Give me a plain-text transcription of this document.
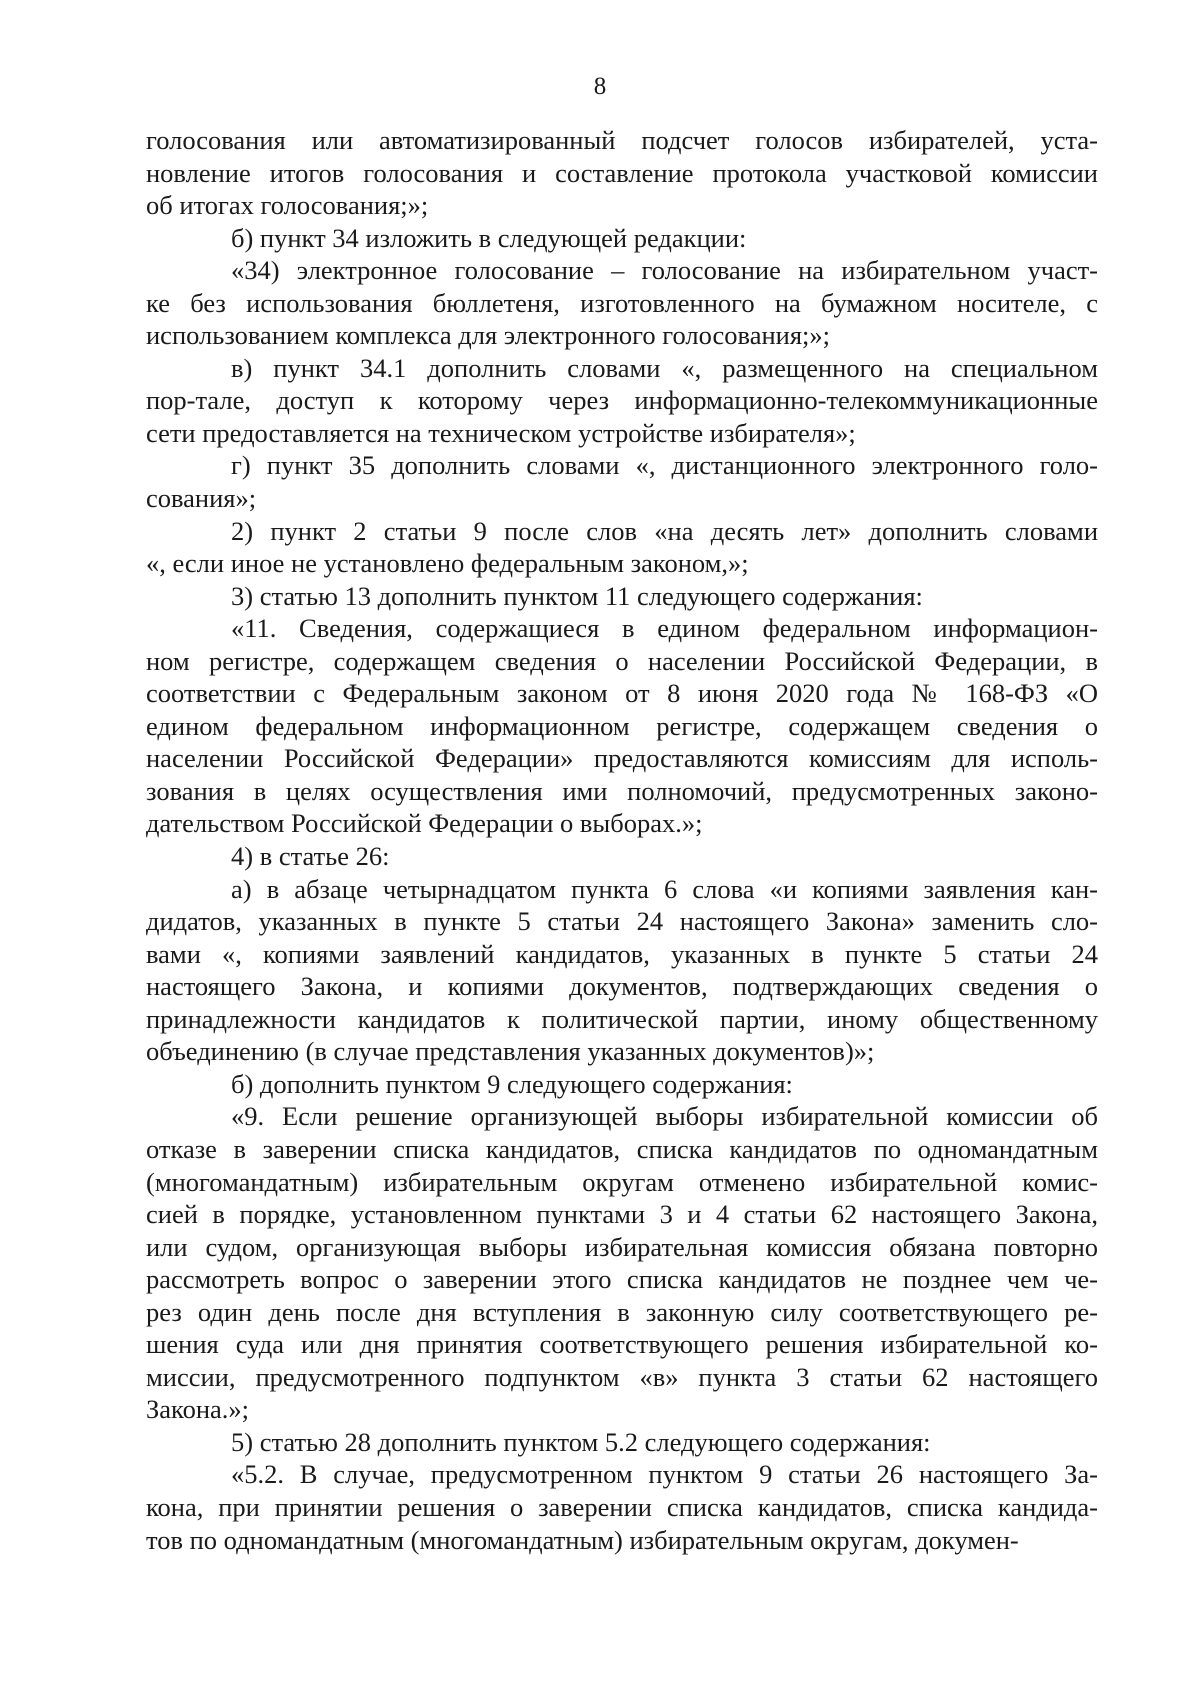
8
голосования или автоматизированный подсчет голосов избирателей, уста-
новление итогов голосования и составление протокола участковой комиссии
об итогах голосования;»;
б) пункт 34 изложить в следующей редакции:
«34) электронное голосование – голосование на избирательном участ-
ке без использования бюллетеня, изготовленного на бумажном носителе, с
использованием комплекса для электронного голосования;»;
в) пункт 34.1 дополнить словами «, размещенного на специальном
пор-тале, доступ к которому через информационно-телекоммуникационные
сети предоставляется на техническом устройстве избирателя»;
г) пункт 35 дополнить словами «, дистанционного электронного голо-
сования»;
2) пункт 2 статьи 9 после слов «на десять лет» дополнить словами
«, если иное не установлено федеральным законом,»;
3) статью 13 дополнить пунктом 11 следующего содержания:
«11. Сведения, содержащиеся в едином федеральном информацион-
ном регистре, содержащем сведения о населении Российской Федерации, в
соответствии с Федеральным законом от 8 июня 2020 года № 168-ФЗ «О
едином федеральном информационном регистре, содержащем сведения о
населении Российской Федерации» предоставляются комиссиям для исполь-
зования в целях осуществления ими полномочий, предусмотренных законо-
дательством Российской Федерации о выборах.»;
4) в статье 26:
а) в абзаце четырнадцатом пункта 6 слова «и копиями заявления кан-
дидатов, указанных в пункте 5 статьи 24 настоящего Закона» заменить сло-
вами «, копиями заявлений кандидатов, указанных в пункте 5 статьи 24
настоящего Закона, и копиями документов, подтверждающих сведения о
принадлежности кандидатов к политической партии, иному общественному
объединению (в случае представления указанных документов)»;
б) дополнить пунктом 9 следующего содержания:
«9. Если решение организующей выборы избирательной комиссии об
отказе в заверении списка кандидатов, списка кандидатов по одномандатным
(многомандатным) избирательным округам отменено избирательной комис-
сией в порядке, установленном пунктами 3 и 4 статьи 62 настоящего Закона,
или судом, организующая выборы избирательная комиссия обязана повторно
рассмотреть вопрос о заверении этого списка кандидатов не позднее чем че-
рез один день после дня вступления в законную силу соответствующего ре-
шения суда или дня принятия соответствующего решения избирательной ко-
миссии, предусмотренного подпунктом «в» пункта 3 статьи 62 настоящего
Закона.»;
5) статью 28 дополнить пунктом 5.2 следующего содержания:
«5.2. В случае, предусмотренном пунктом 9 статьи 26 настоящего За-
кона, при принятии решения о заверении списка кандидатов, списка кандида-
тов по одномандатным (многомандатным) избирательным округам, докумен-
